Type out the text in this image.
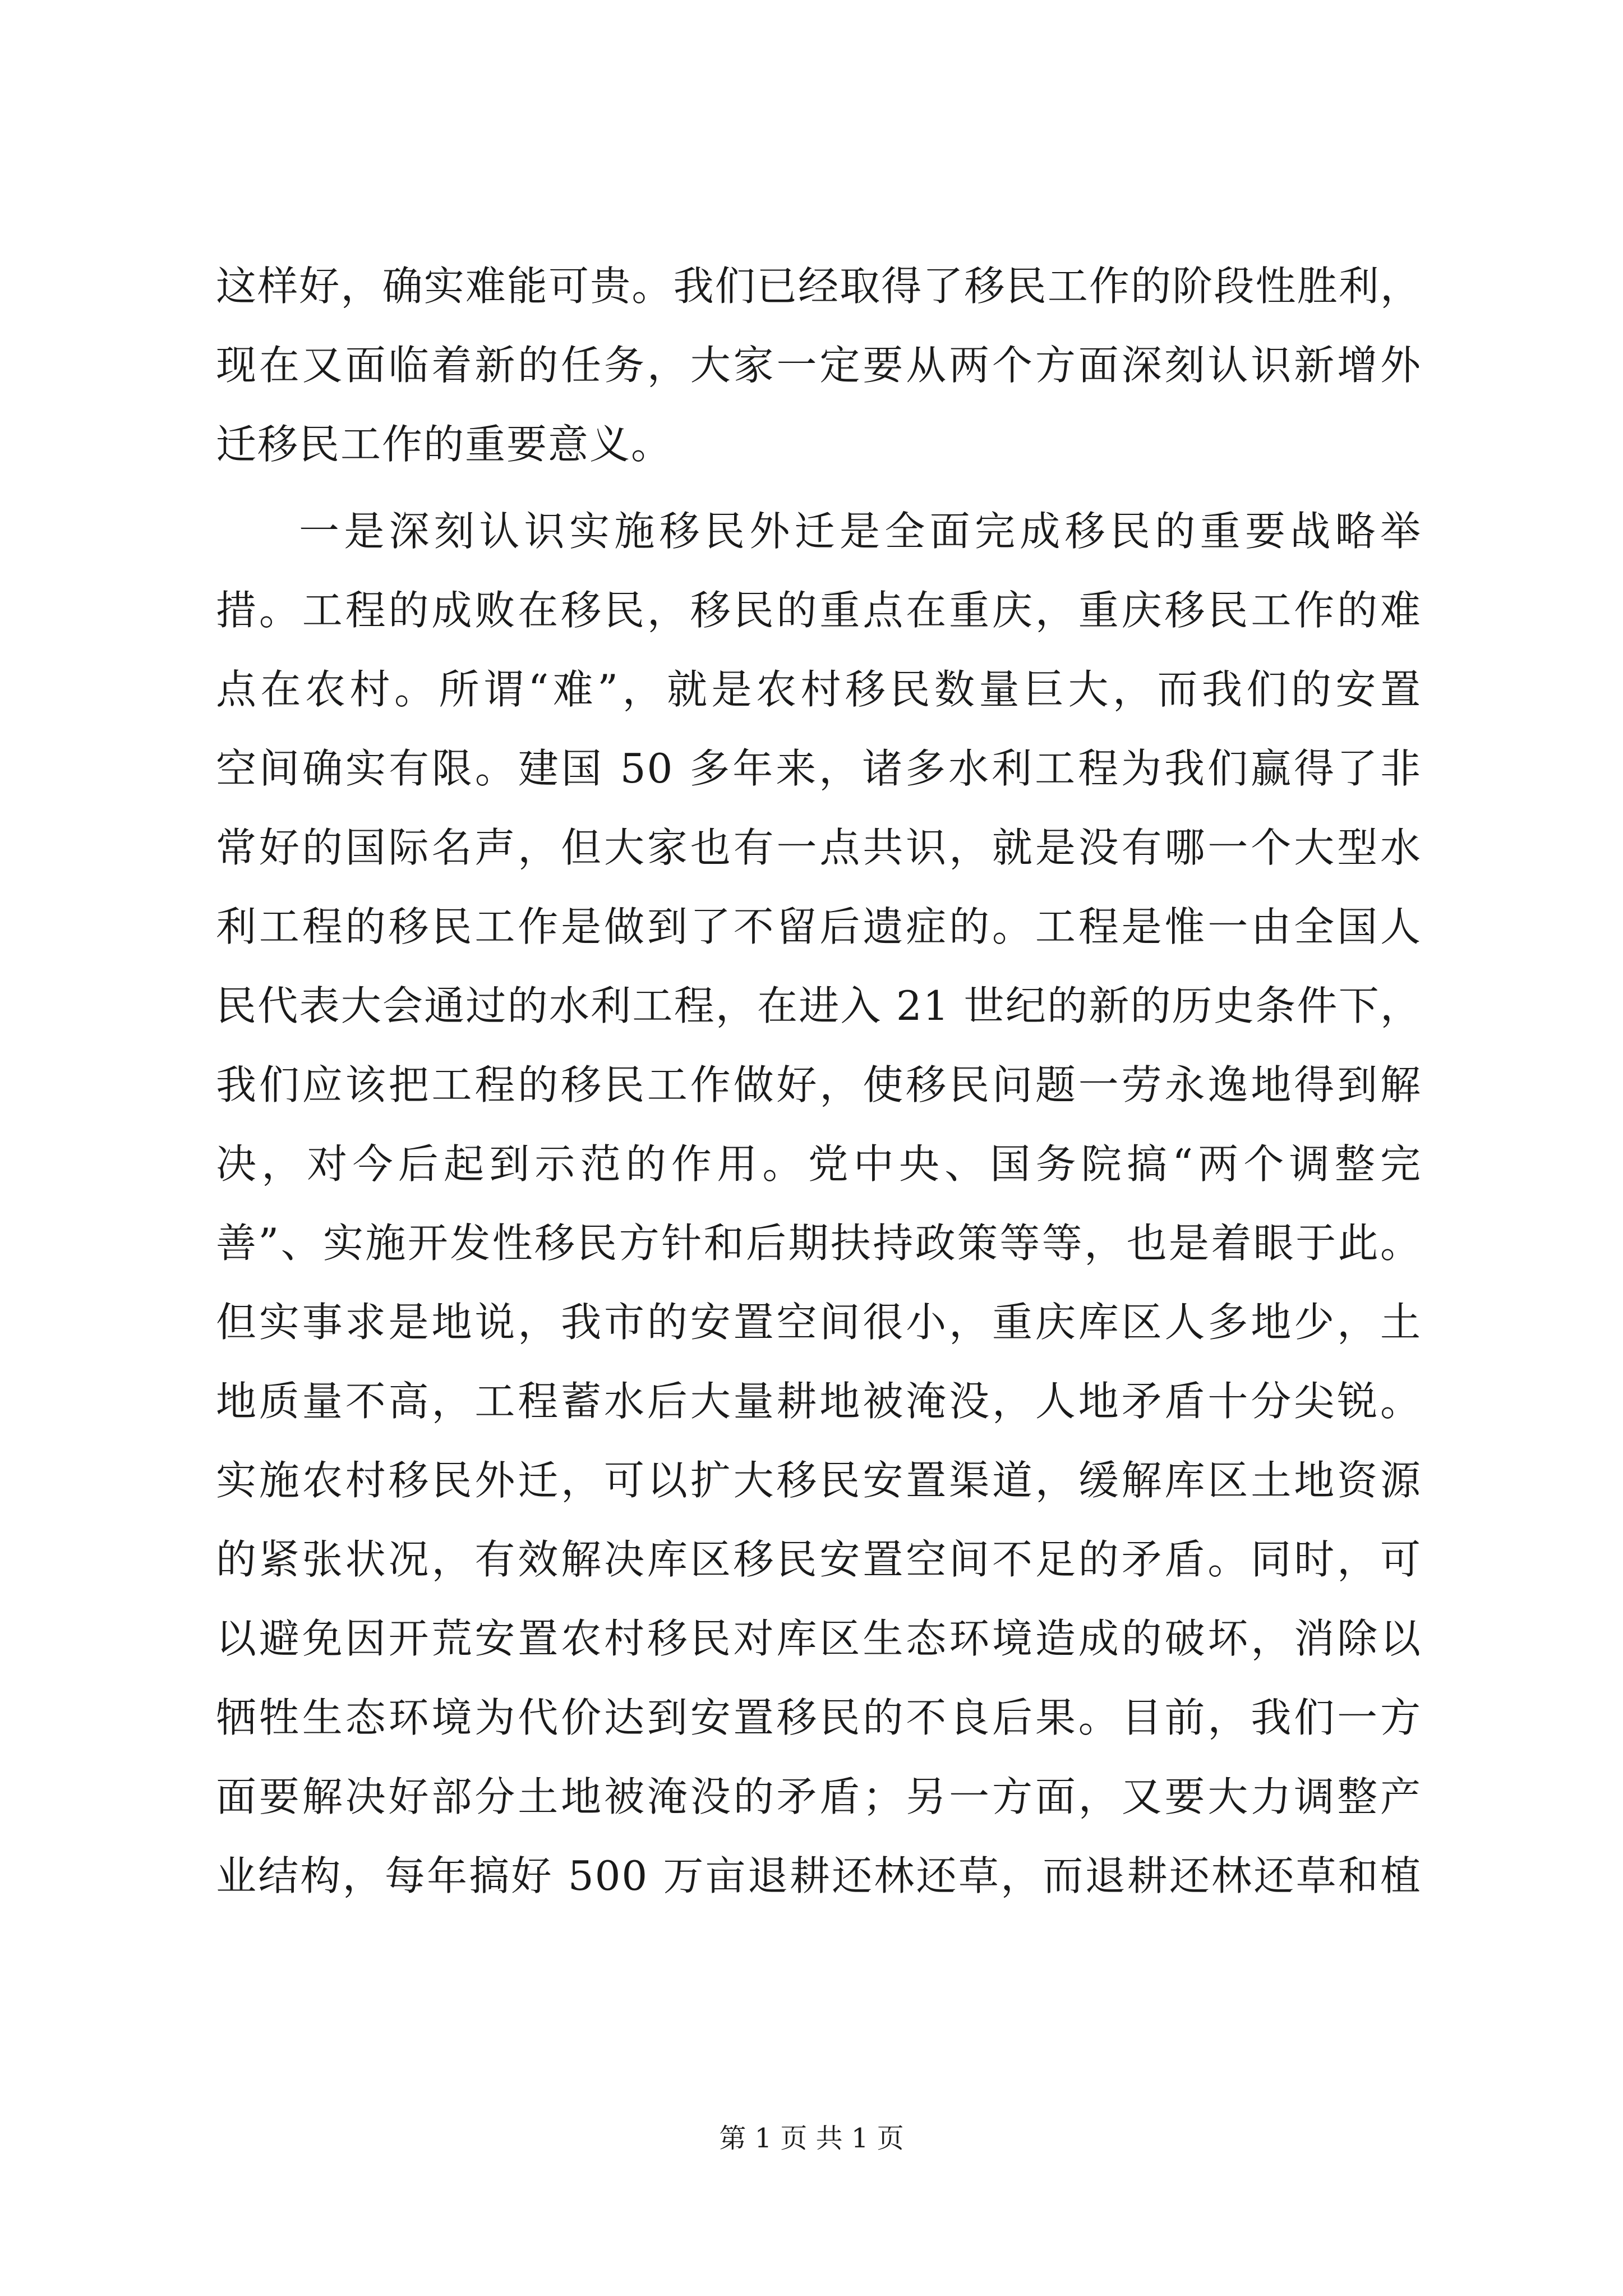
这样好，确实难能可贵。我们已经取得了移民工作的阶段性胜利，
现在又面临着新的任务，大家一定要从两个方面深刻认识新增外
迁移民工作的重要意义。
一是深刻认识实施移民外迁是全面完成移民的重要战略举
措。工程的成败在移民，移民的重点在重庆，重庆移民工作的难
点在农村。所谓“难”，就是农村移民数量巨大，而我们的安置
空间确实有限。建国 50 多年来，诸多水利工程为我们赢得了非
常好的国际名声，但大家也有一点共识，就是没有哪一个大型水
利工程的移民工作是做到了不留后遗症的。工程是惟一由全国人
民代表大会通过的水利工程，在进入 21 世纪的新的历史条件下，
我们应该把工程的移民工作做好，使移民问题一劳永逸地得到解
决，对今后起到示范的作用。党中央、国务院搞“两个调整完
善”、实施开发性移民方针和后期扶持政策等等，也是着眼于此。
但实事求是地说，我市的安置空间很小，重庆库区人多地少，土
地质量不高，工程蓄水后大量耕地被淹没，人地矛盾十分尖锐。
实施农村移民外迁，可以扩大移民安置渠道，缓解库区土地资源
的紧张状况，有效解决库区移民安置空间不足的矛盾。同时，可
以避免因开荒安置农村移民对库区生态环境造成的破坏，消除以
牺牲生态环境为代价达到安置移民的不良后果。目前，我们一方
面要解决好部分土地被淹没的矛盾；另一方面，又要大力调整产
业结构，每年搞好 500 万亩退耕还林还草，而退耕还林还草和植
第 1 页 共 1 页
